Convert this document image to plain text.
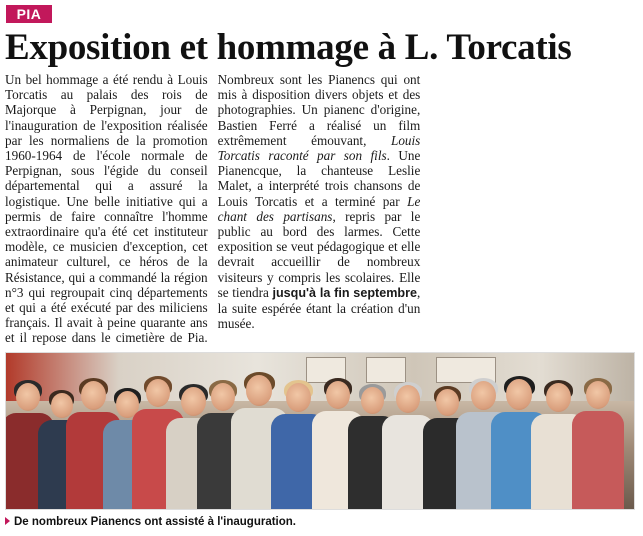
PIA
Exposition et hommage à L. Torcatis
Un bel hommage a été rendu à Louis Torcatis au palais des rois de Majorque à Perpignan, jour de l'inauguration de l'exposition réalisée par les normaliens de la promotion 1960-1964 de l'école normale de Perpignan, sous l'égide du conseil départemental qui a assuré la logistique. Une belle initiative qui a permis de faire connaître l'homme extraordinaire qu'a été cet instituteur modèle, ce musicien d'exception, cet animateur culturel, ce héros de la Résistance, qui a commandé la région n°3 qui regroupait cinq départements et qui a été exécuté par des miliciens français. Il avait à peine quarante ans et il repose dans le cimetière de Pia. Nombreux sont les Pianencs qui ont mis à disposition divers objets et des photographies. Un pianenc d'origine, Bastien Ferré a réalisé un film extrêmement émouvant, Louis Torcatis raconté par son fils. Une Pianencque, la chanteuse Leslie Malet, a interprété trois chansons de Louis Torcatis et a terminé par Le chant des partisans, repris par le public au bord des larmes. Cette exposition se veut pédagogique et elle devrait accueillir de nombreux visiteurs y compris les scolaires. Elle se tiendra jusqu'à la fin septembre, la suite espérée étant la création d'un musée.
De nombreux Pianencs ont assisté à l'inauguration.
